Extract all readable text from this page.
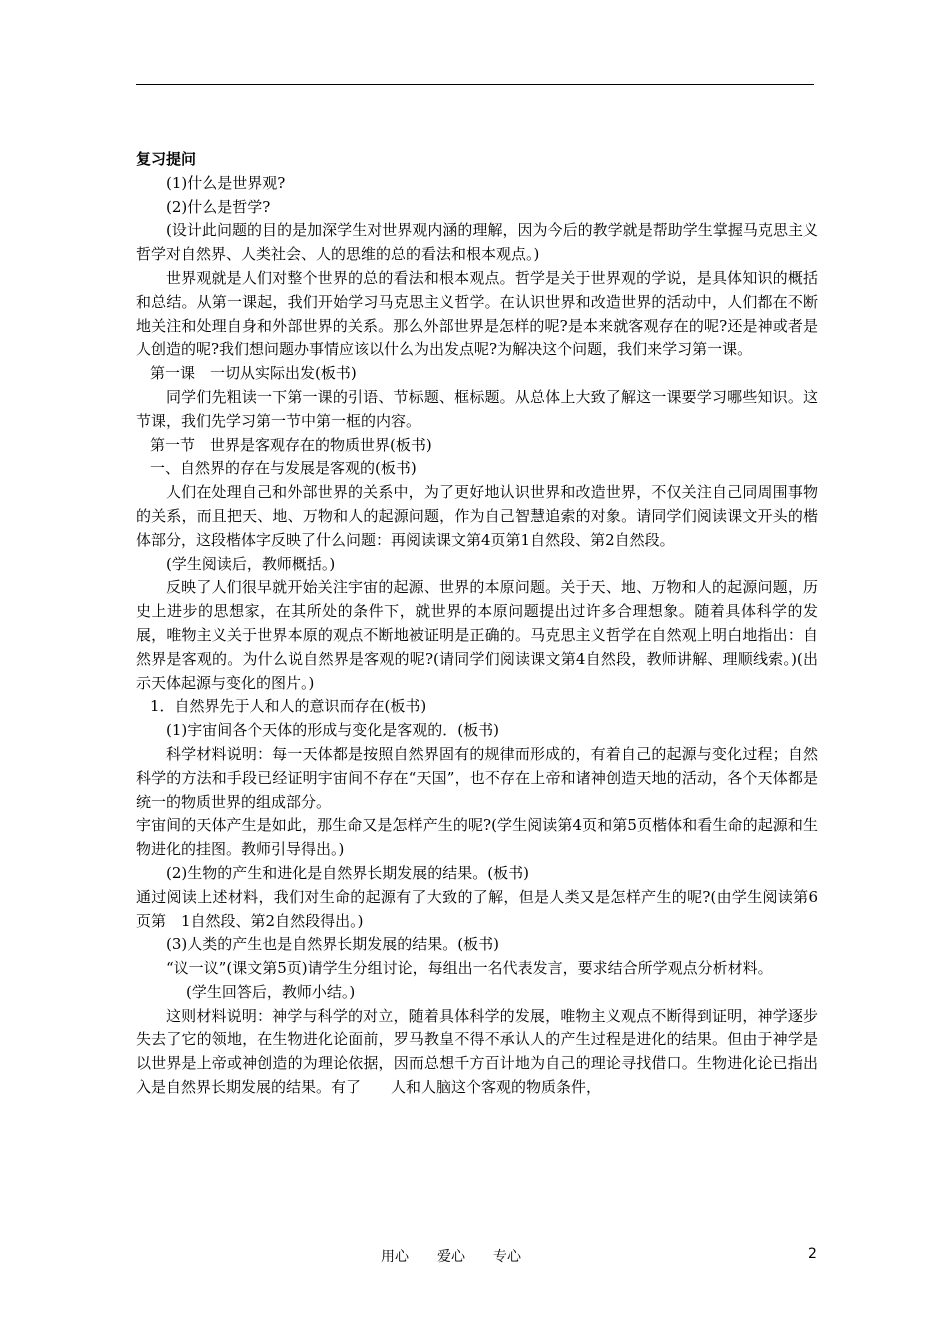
复习提问

(1)什么是世界观?

(2)什么是哲学?

(设计此问题的目的是加深学生对世界观内涵的理解，因为今后的教学就是帮助学生掌握马克思主义哲学对自然界、人类社会、人的思维的总的看法和根本观点。)

世界观就是人们对整个世界的总的看法和根本观点。哲学是关于世界观的学说，是具体知识的概括和总结。从第一课起，我们开始学习马克思主义哲学。在认识世界和改造世界的活动中，人们都在不断地关注和处理自身和外部世界的关系。那么外部世界是怎样的呢?是本来就客观存在的呢?还是神或者是人创造的呢?我们想问题办事情应该以什么为出发点呢?为解决这个问题，我们来学习第一课。

第一课　一切从实际出发(板书)

同学们先粗读一下第一课的引语、节标题、框标题。从总体上大致了解这一课要学习哪些知识。这节课，我们先学习第一节中第一框的内容。

第一节　世界是客观存在的物质世界(板书)

一、自然界的存在与发展是客观的(板书)

人们在处理自己和外部世界的关系中，为了更好地认识世界和改造世界，不仅关注自己同周围事物的关系，而且把天、地、万物和人的起源问题，作为自己智慧追索的对象。请同学们阅读课文开头的楷体部分，这段楷体字反映了什么问题：再阅读课文第4页第1自然段、第2自然段。

(学生阅读后，教师概括。)

反映了人们很早就开始关注宇宙的起源、世界的本原问题。关于天、地、万物和人的起源问题，历史上进步的思想家，在其所处的条件下，就世界的本原问题提出过许多合理想象。随着具体科学的发展，唯物主义关于世界本原的观点不断地被证明是正确的。马克思主义哲学在自然观上明白地指出：自然界是客观的。为什么说自然界是客观的呢?(请同学们阅读课文第4自然段，教师讲解、理顺线索。)(出示天体起源与变化的图片。)

1．自然界先于人和人的意识而存在(板书)

(1)宇宙间各个天体的形成与变化是客观的．(板书)

科学材料说明：每一天体都是按照自然界固有的规律而形成的，有着自己的起源与变化过程；自然科学的方法和手段已经证明宇宙间不存在“天国”，也不存在上帝和诸神创造天地的活动，各个天体都是统一的物质世界的组成部分。

宇宙间的天体产生是如此，那生命又是怎样产生的呢?(学生阅读第4页和第5页楷体和看生命的起源和生物进化的挂图。教师引导得出。)

(2)生物的产生和进化是自然界长期发展的结果。(板书)

通过阅读上述材料，我们对生命的起源有了大致的了解，但是人类又是怎样产生的呢?(由学生阅读第6页第　1自然段、第2自然段得出。)

(3)人类的产生也是自然界长期发展的结果。(板书)

“议一议”(课文第5页)请学生分组讨论，每组出一名代表发言，要求结合所学观点分析材料。

(学生回答后，教师小结。)

这则材料说明：神学与科学的对立，随着具体科学的发展，唯物主义观点不断得到证明，神学逐步失去了它的领地，在生物进化论面前，罗马教皇不得不承认人的产生过程是进化的结果。但由于神学是以世界是上帝或神创造的为理论依据，因而总想千方百计地为自己的理论寻找借口。生物进化论已指出入是自然界长期发展的结果。有了　　人和人脑这个客观的物质条件，

用心　　爱心　　专心	2
